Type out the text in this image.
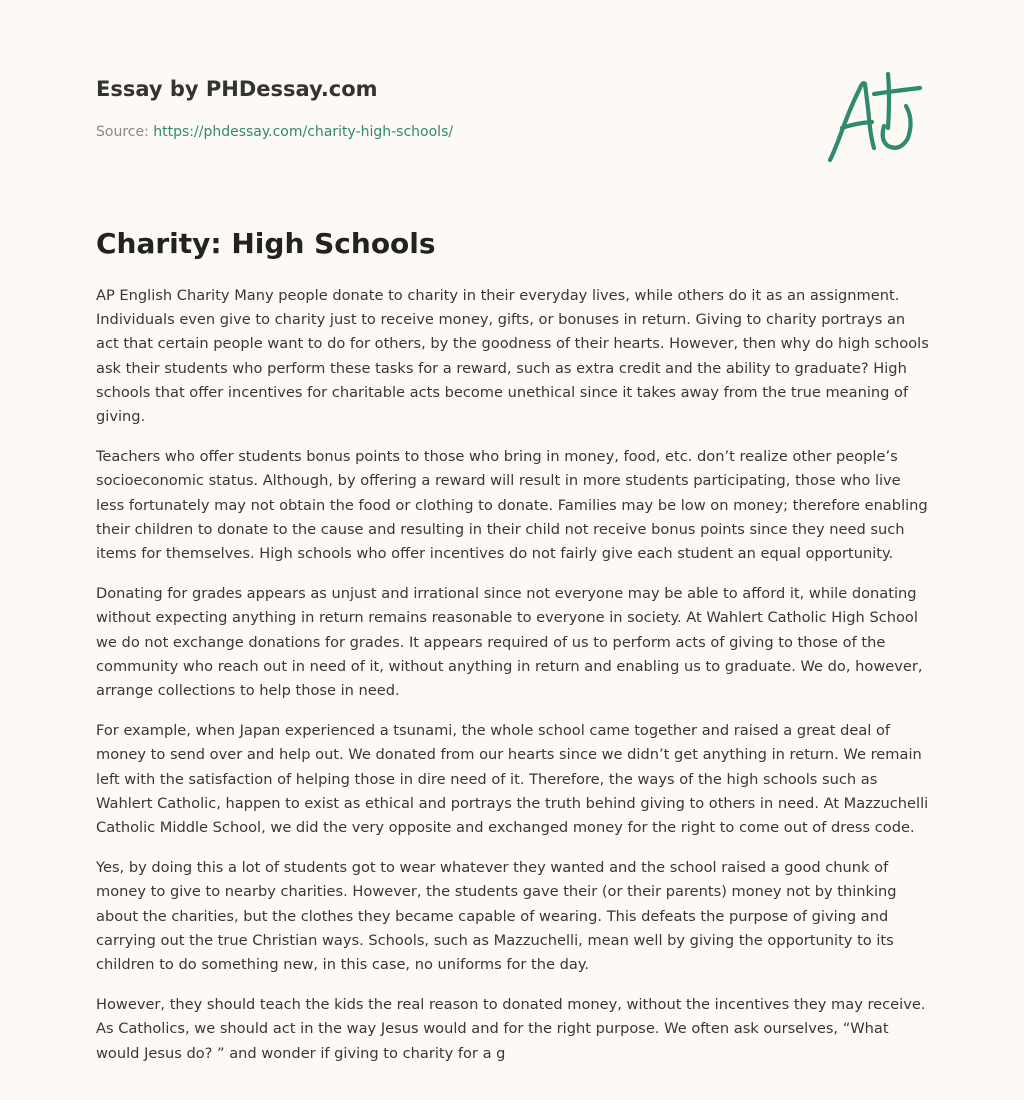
Essay by PHDessay.com
Source: https://phdessay.com/charity-high-schools/
Charity: High Schools

AP English Charity Many people donate to charity in their everyday lives, while others do it as an assignment. Individuals even give to charity just to receive money, gifts, or bonuses in return. Giving to charity portrays an act that certain people want to do for others, by the goodness of their hearts. However, then why do high schools ask their students who perform these tasks for a reward, such as extra credit and the ability to graduate? High schools that offer incentives for charitable acts become unethical since it takes away from the true meaning of giving.

Teachers who offer students bonus points to those who bring in money, food, etc. don’t realize other people’s socioeconomic status. Although, by offering a reward will result in more students participating, those who live less fortunately may not obtain the food or clothing to donate. Families may be low on money; therefore enabling their children to donate to the cause and resulting in their child not receive bonus points since they need such items for themselves. High schools who offer incentives do not fairly give each student an equal opportunity.

Donating for grades appears as unjust and irrational since not everyone may be able to afford it, while donating without expecting anything in return remains reasonable to everyone in society. At Wahlert Catholic High School we do not exchange donations for grades. It appears required of us to perform acts of giving to those of the community who reach out in need of it, without anything in return and enabling us to graduate. We do, however, arrange collections to help those in need.

For example, when Japan experienced a tsunami, the whole school came together and raised a great deal of money to send over and help out. We donated from our hearts since we didn’t get anything in return. We remain left with the satisfaction of helping those in dire need of it. Therefore, the ways of the high schools such as Wahlert Catholic, happen to exist as ethical and portrays the truth behind giving to others in need. At Mazzuchelli Catholic Middle School, we did the very opposite and exchanged money for the right to come out of dress code.

Yes, by doing this a lot of students got to wear whatever they wanted and the school raised a good chunk of money to give to nearby charities. However, the students gave their (or their parents) money not by thinking about the charities, but the clothes they became capable of wearing. This defeats the purpose of giving and carrying out the true Christian ways. Schools, such as Mazzuchelli, mean well by giving the opportunity to its children to do something new, in this case, no uniforms for the day.

However, they should teach the kids the real reason to donated money, without the incentives they may receive. As Catholics, we should act in the way Jesus would and for the right purpose. We often ask ourselves, “What would Jesus do? ” and wonder if giving to charity for a g
